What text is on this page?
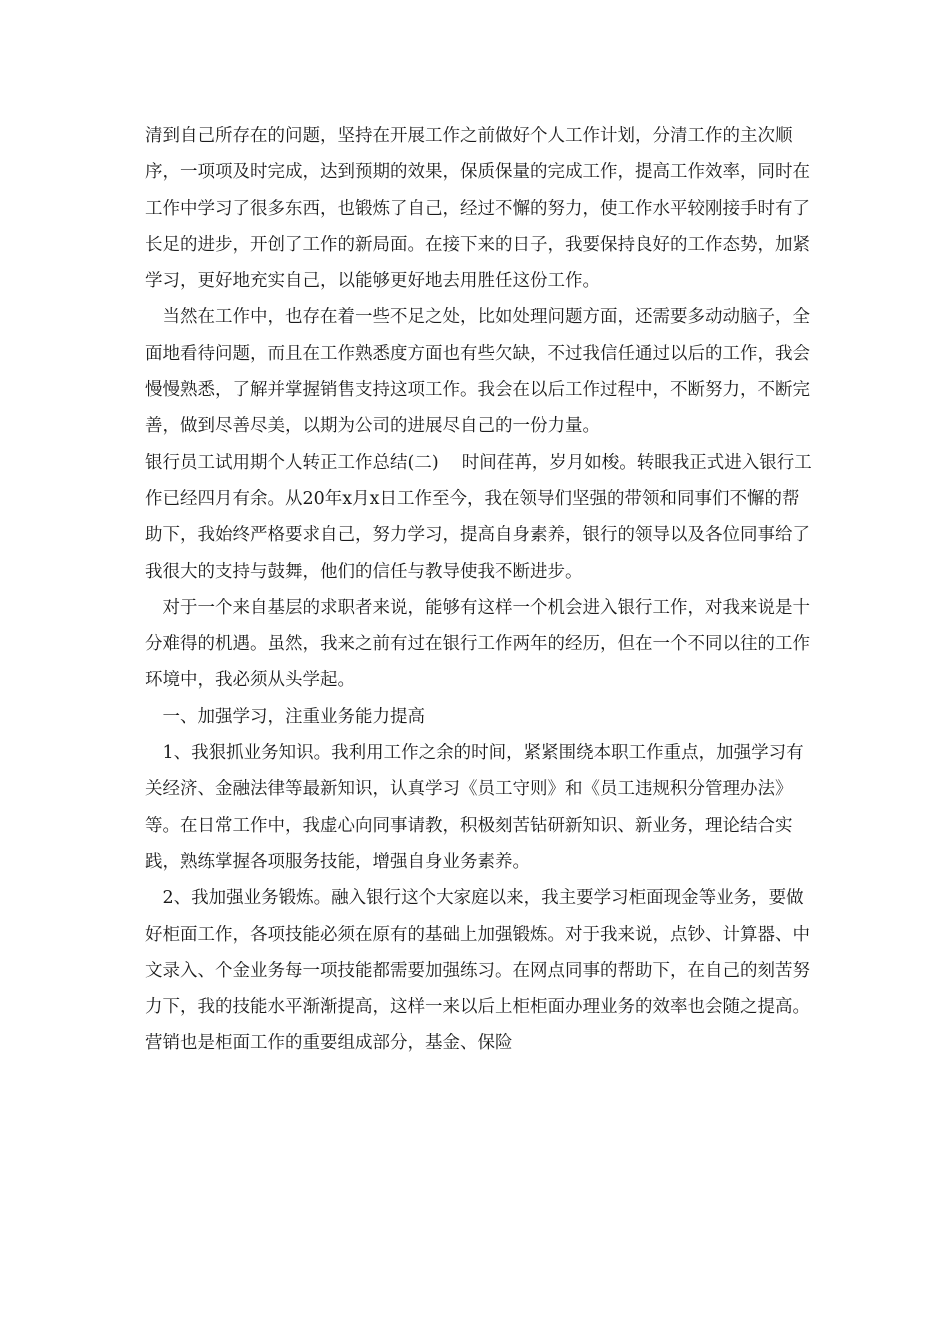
清到自己所存在的问题，坚持在开展工作之前做好个人工作计划，分清工作的主次顺序，一项项及时完成，达到预期的效果，保质保量的完成工作，提高工作效率，同时在工作中学习了很多东西，也锻炼了自己，经过不懈的努力，使工作水平较刚接手时有了长足的进步，开创了工作的新局面。在接下来的日子，我要保持良好的工作态势，加紧学习，更好地充实自己，以能够更好地去用胜任这份工作。

　当然在工作中，也存在着一些不足之处，比如处理问题方面，还需要多动动脑子，全面地看待问题，而且在工作熟悉度方面也有些欠缺，不过我信任通过以后的工作，我会慢慢熟悉，了解并掌握销售支持这项工作。我会在以后工作过程中，不断努力，不断完善，做到尽善尽美，以期为公司的进展尽自己的一份力量。

银行员工试用期个人转正工作总结(二)　 时间荏苒，岁月如梭。转眼我正式进入银行工作已经四月有余。从20年x月x日工作至今，我在领导们坚强的带领和同事们不懈的帮助下，我始终严格要求自己，努力学习，提高自身素养，银行的领导以及各位同事给了我很大的支持与鼓舞，他们的信任与教导使我不断进步。

　对于一个来自基层的求职者来说，能够有这样一个机会进入银行工作，对我来说是十分难得的机遇。虽然，我来之前有过在银行工作两年的经历，但在一个不同以往的工作环境中，我必须从头学起。

　一、加强学习，注重业务能力提高

　1、我狠抓业务知识。我利用工作之余的时间，紧紧围绕本职工作重点，加强学习有关经济、金融法律等最新知识，认真学习《员工守则》和《员工违规积分管理办法》等。在日常工作中，我虚心向同事请教，积极刻苦钻研新知识、新业务，理论结合实践，熟练掌握各项服务技能，增强自身业务素养。

　2、我加强业务锻炼。融入银行这个大家庭以来，我主要学习柜面现金等业务，要做好柜面工作，各项技能必须在原有的基础上加强锻炼。对于我来说，点钞、计算器、中文录入、个金业务每一项技能都需要加强练习。在网点同事的帮助下，在自己的刻苦努力下，我的技能水平渐渐提高，这样一来以后上柜柜面办理业务的效率也会随之提高。营销也是柜面工作的重要组成部分，基金、保险
